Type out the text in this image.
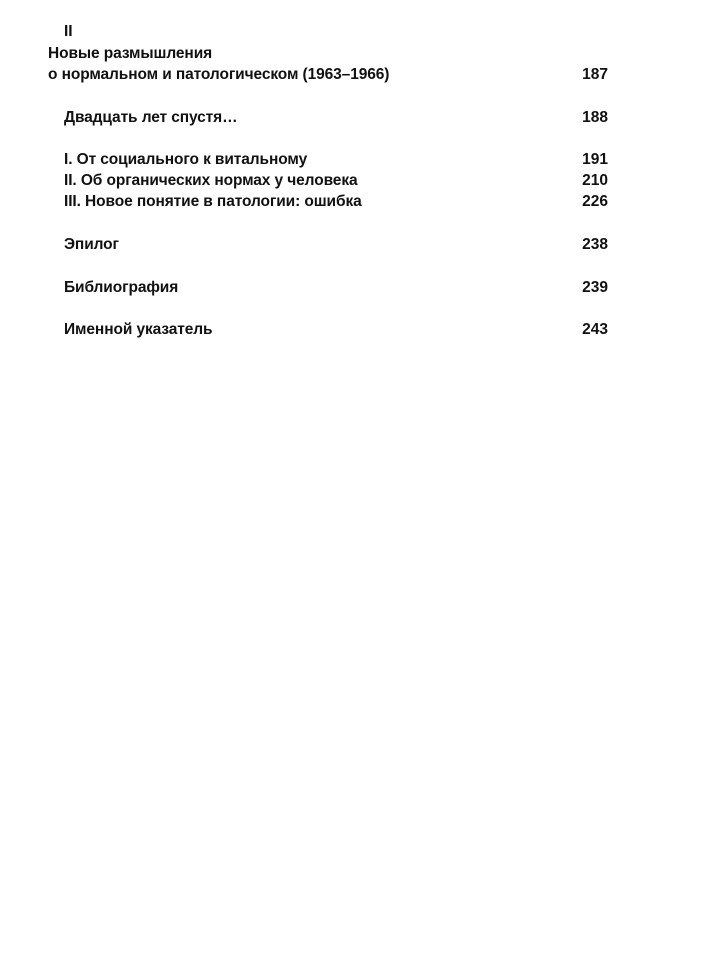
II
Новые размышления
о нормальном и патологическом (1963–1966)	187
Двадцать лет спустя…	188
I. От социального к витальному	191
II. Об органических нормах у человека	210
III. Новое понятие в патологии: ошибка	226
Эпилог	238
Библиография	239
Именной указатель	243
